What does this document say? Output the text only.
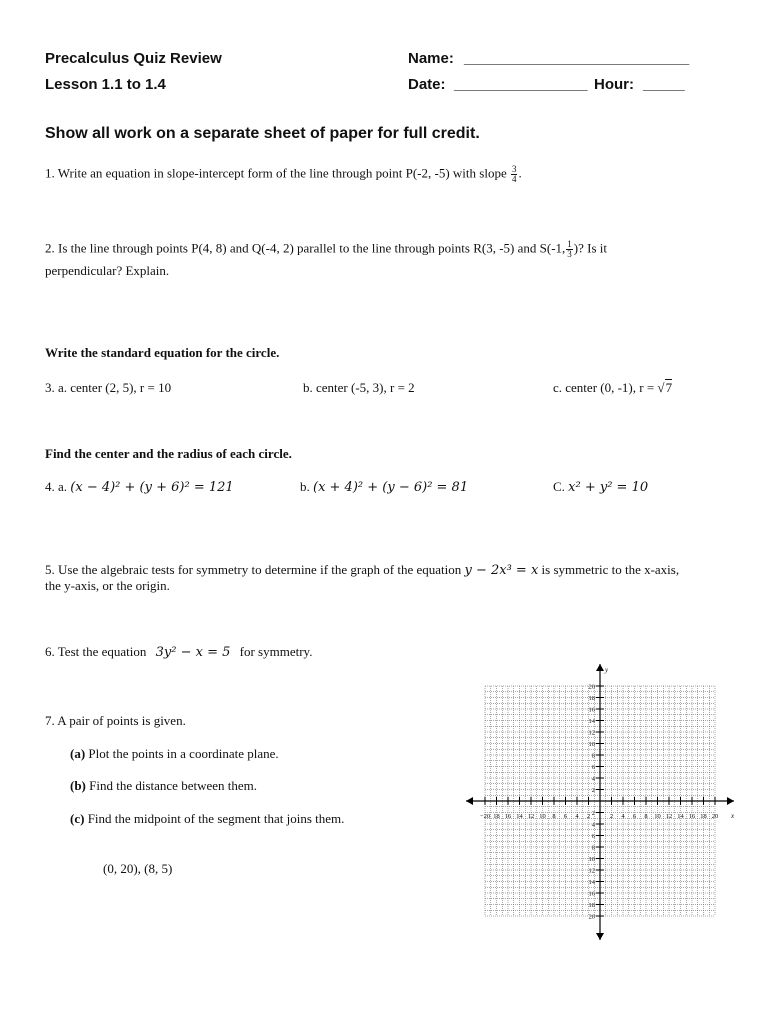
Precalculus Quiz Review
Lesson 1.1 to 1.4
Name: ___________________________
Date: ________________ Hour: _____
Show all work on a separate sheet of paper for full credit.
1. Write an equation in slope-intercept form of the line through point P(-2, -5) with slope $\frac{3}{4}$ .
2. Is the line through points P(4, 8) and Q(-4, 2) parallel to the line through points R(3, -5) and S(-1, $\frac{1}{3}$ )? Is it
perpendicular? Explain.
Write the standard equation for the circle.
3. a. center (2, 5), r = 10	b. center (-5, 3), r = 2	c. center (0, -1), r = √7
Find the center and the radius of each circle.
4. a. (x − 4)² + (y + 6)² = 121	b. (x + 4)² + (y − 6)² = 81	C. x² + y² = 10
5. Use the algebraic tests for symmetry to determine if the graph of the equation y − 2x³ = x is symmetric to the x-axis,
the y-axis, or the origin.
6. Test the equation 3y² − x = 5 for symmetry.
7. A pair of points is given.
(a) Plot the points in a coordinate plane.
(b) Find the distance between them.
(c) Find the midpoint of the segment that joins them.
(0, 20), (8, 5)
−20 18 16 14 12 10 8 6 4 2	2 4 6 8 10 12 14 16 18 20
20
18
16
14
12
10
8
6
4
2
2
4
6
8
10
12
14
16
18
20
x
y
